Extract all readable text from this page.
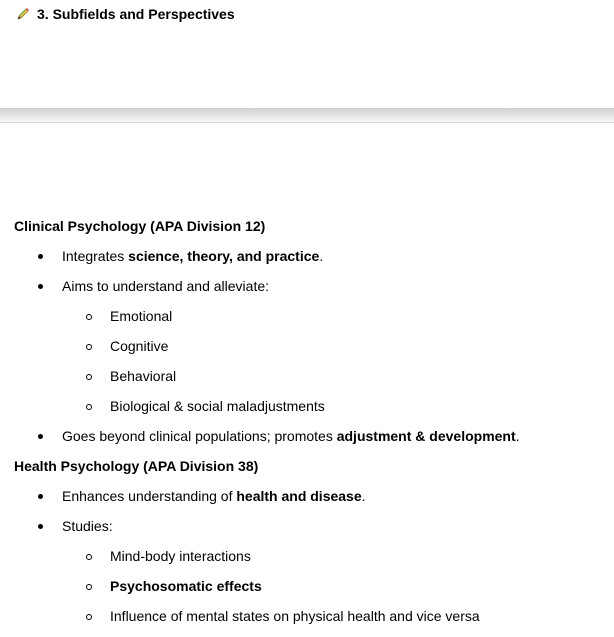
3. Subfields and Perspectives
Clinical Psychology (APA Division 12)
Integrates science, theory, and practice.
Aims to understand and alleviate:
Emotional
Cognitive
Behavioral
Biological & social maladjustments
Goes beyond clinical populations; promotes adjustment & development.
Health Psychology (APA Division 38)
Enhances understanding of health and disease.
Studies:
Mind-body interactions
Psychosomatic effects
Influence of mental states on physical health and vice versa
